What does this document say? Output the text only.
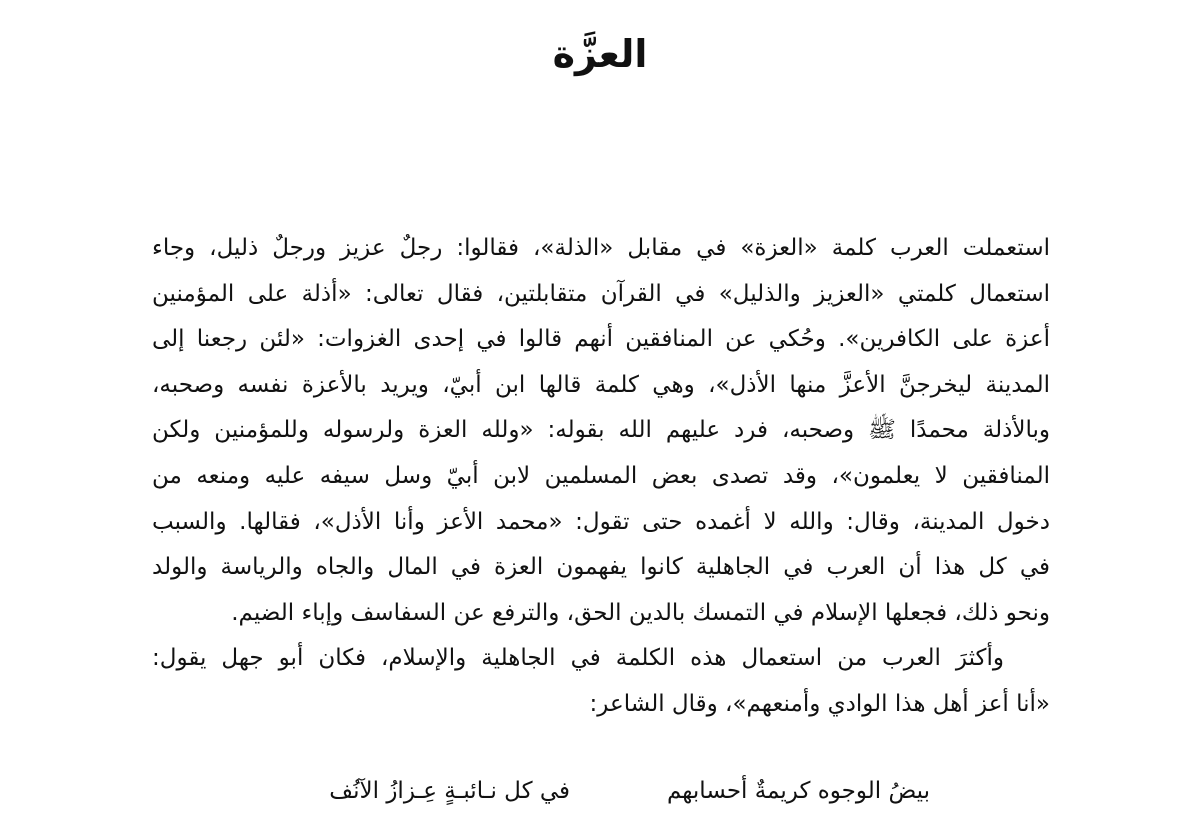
العزَّة
استعملت العرب كلمة «العزة» في مقابل «الذلة»، فقالوا: رجلٌ عزيز ورجلٌ ذليل، وجاء
استعمال كلمتي «العزيز والذليل» في القرآن متقابلتين، فقال تعالى: «أذلة على المؤمنين
أعزة على الكافرين». وحُكي عن المنافقين أنهم قالوا في إحدى الغزوات: «لئن رجعنا إلى
المدينة ليخرجنَّ الأعزَّ منها الأذل»، وهي كلمة قالها ابن أبيّ، ويريد بالأعزة نفسه وصحبه،
وبالأذلة محمدًا ﷺ وصحبه، فرد عليهم الله بقوله: «ولله العزة ولرسوله وللمؤمنين ولكن
المنافقين لا يعلمون»، وقد تصدى بعض المسلمين لابن أبيّ وسل سيفه عليه ومنعه من
دخول المدينة، وقال: والله لا أغمده حتى تقول: «محمد الأعز وأنا الأذل»، فقالها. والسبب
في كل هذا أن العرب في الجاهلية كانوا يفهمون العزة في المال والجاه والرياسة والولد
ونحو ذلك، فجعلها الإسلام في التمسك بالدين الحق، والترفع عن السفاسف وإباء الضيم.
وأكثرَ العرب من استعمال هذه الكلمة في الجاهلية والإسلام، فكان أبو جهل يقول:
«أنا أعز أهل هذا الوادي وأمنعهم»، وقال الشاعر:
بيضُ الوجوه كريمةٌ أحسابهم
في كل نـائبـةٍ عِـزازُ الآنُف
